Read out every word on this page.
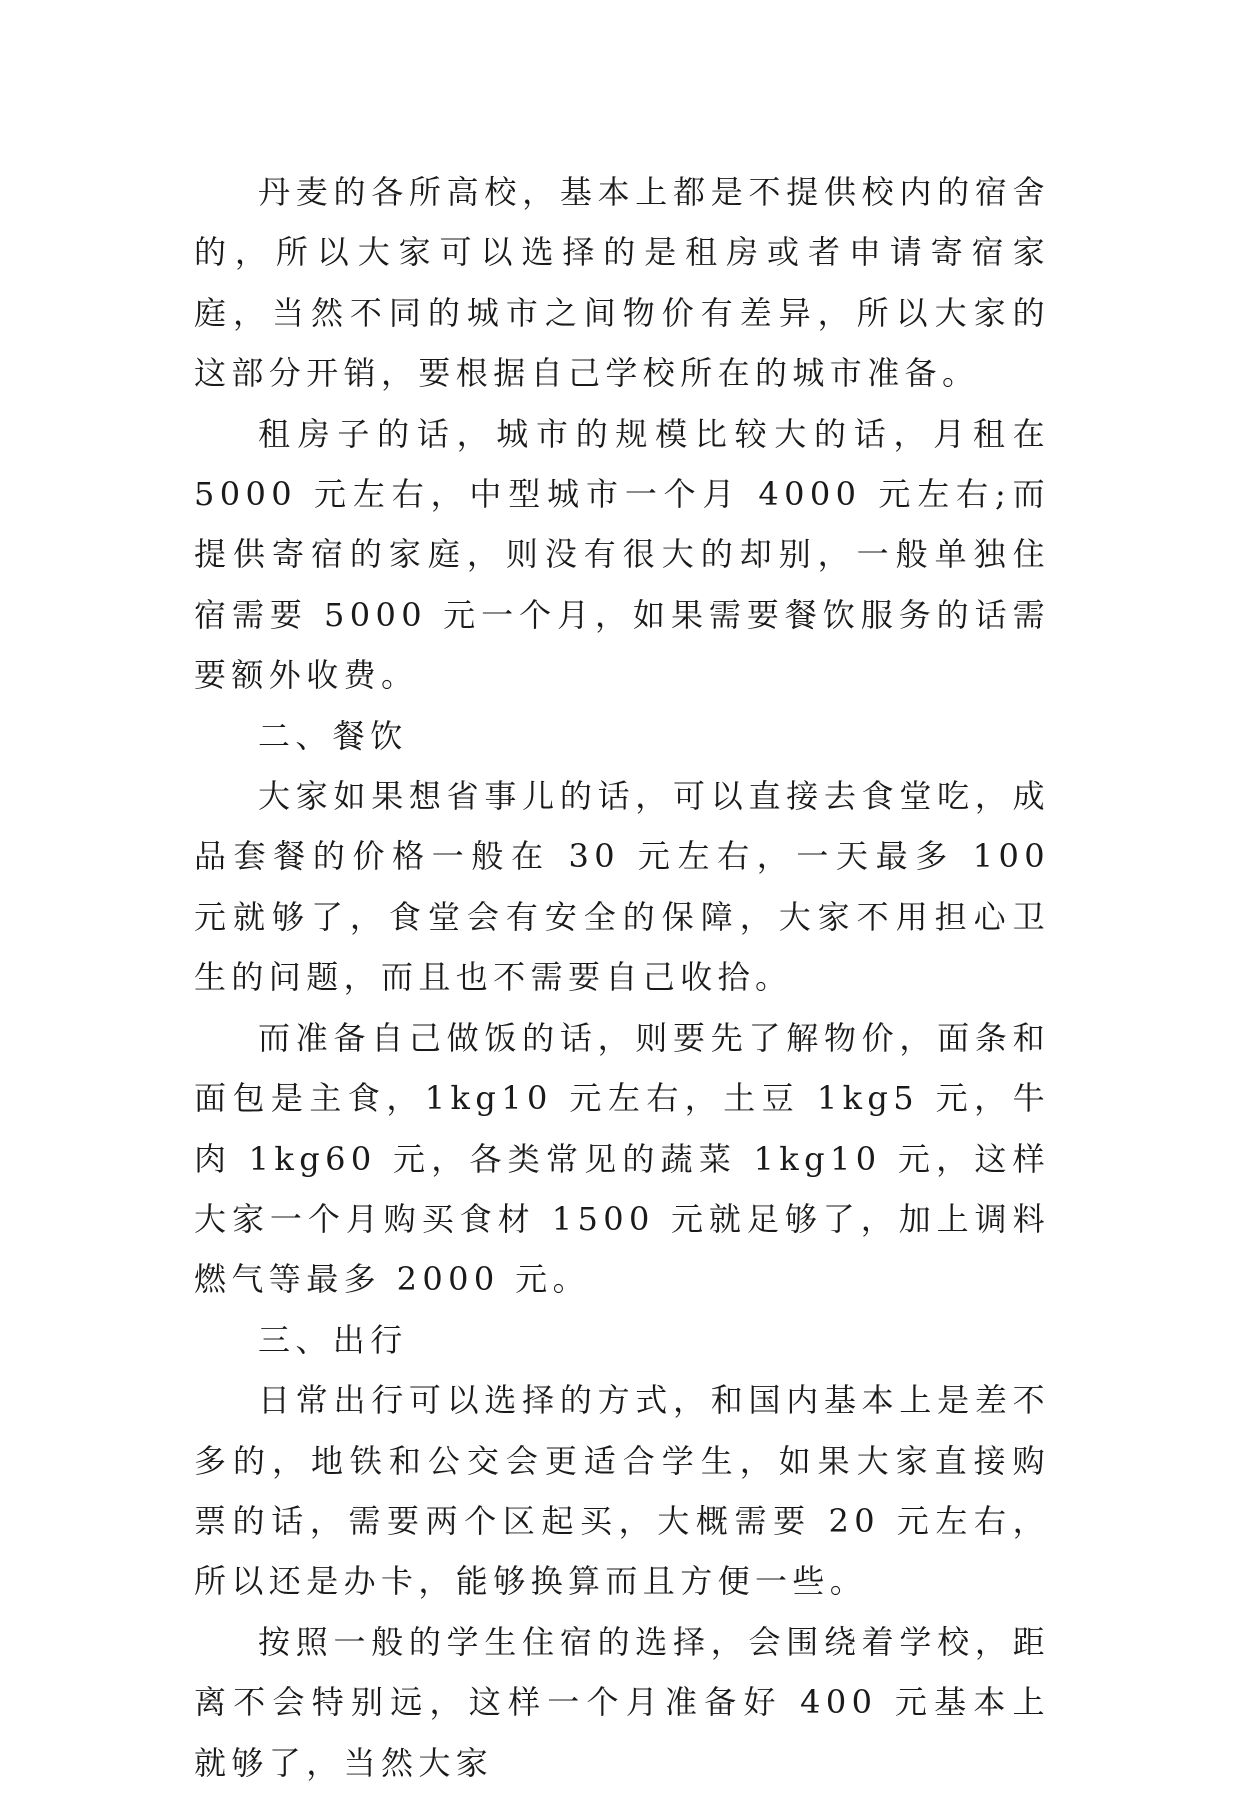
丹麦的各所高校，基本上都是不提供校内的宿舍的，所以大家可以选择的是租房或者申请寄宿家庭，当然不同的城市之间物价有差异，所以大家的这部分开销，要根据自己学校所在的城市准备。

租房子的话，城市的规模比较大的话，月租在 5000 元左右，中型城市一个月 4000 元左右;而提供寄宿的家庭，则没有很大的却别，一般单独住宿需要 5000 元一个月，如果需要餐饮服务的话需要额外收费。

二、餐饮

大家如果想省事儿的话，可以直接去食堂吃，成品套餐的价格一般在 30 元左右，一天最多 100 元就够了，食堂会有安全的保障，大家不用担心卫生的问题，而且也不需要自己收拾。

而准备自己做饭的话，则要先了解物价，面条和面包是主食，1kg10 元左右，土豆 1kg5 元，牛肉 1kg60 元，各类常见的蔬菜 1kg10 元，这样大家一个月购买食材 1500 元就足够了，加上调料燃气等最多 2000 元。

三、出行

日常出行可以选择的方式，和国内基本上是差不多的，地铁和公交会更适合学生，如果大家直接购票的话，需要两个区起买，大概需要 20 元左右，所以还是办卡，能够换算而且方便一些。

按照一般的学生住宿的选择，会围绕着学校，距离不会特别远，这样一个月准备好 400 元基本上就够了，当然大家
